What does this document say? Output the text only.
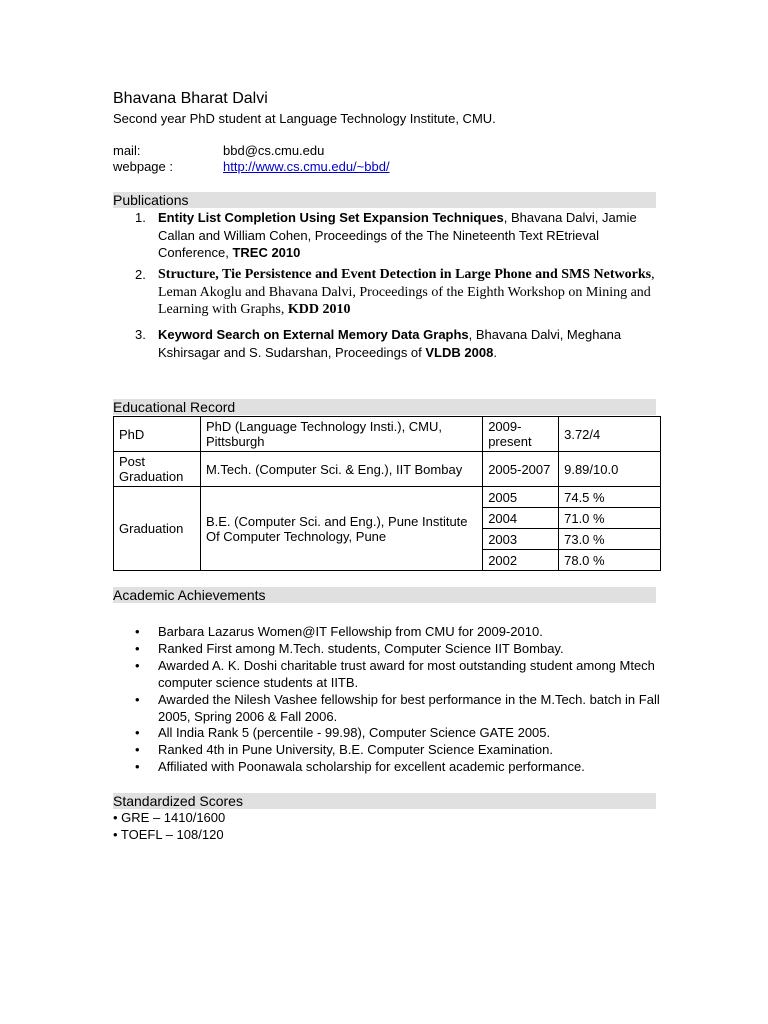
Bhavana Bharat Dalvi
Second year PhD student at Language Technology Institute, CMU.
mail:	bbd@cs.cmu.edu
webpage :	http://www.cs.cmu.edu/~bbd/
Publications
1. Entity List Completion Using Set Expansion Techniques, Bhavana Dalvi, Jamie Callan and William Cohen, Proceedings of the The Nineteenth Text REtrieval Conference, TREC 2010
2. Structure, Tie Persistence and Event Detection in Large Phone and SMS Networks, Leman Akoglu and Bhavana Dalvi, Proceedings of the Eighth Workshop on Mining and Learning with Graphs, KDD 2010
3. Keyword Search on External Memory Data Graphs, Bhavana Dalvi, Meghana Kshirsagar and S. Sudarshan, Proceedings of VLDB 2008.
Educational Record
PhD	PhD (Language Technology Insti.), CMU, Pittsburgh	2009-present	3.72/4
Post Graduation	M.Tech. (Computer Sci. & Eng.), IIT Bombay	2005-2007	9.89/10.0
Graduation	B.E. (Computer Sci. and Eng.), Pune Institute Of Computer Technology, Pune	2005	74.5 %
		2004	71.0 %
		2003	73.0 %
		2002	78.0 %
Academic Achievements
• Barbara Lazarus Women@IT Fellowship from CMU for 2009-2010.
• Ranked First among M.Tech. students, Computer Science IIT Bombay.
• Awarded A. K. Doshi charitable trust award for most outstanding student among Mtech computer science students at IITB.
• Awarded the Nilesh Vashee fellowship for best performance in the M.Tech. batch in Fall 2005, Spring 2006 & Fall 2006.
• All India Rank 5 (percentile - 99.98), Computer Science GATE 2005.
• Ranked 4th in Pune University, B.E. Computer Science Examination.
• Affiliated with Poonawala scholarship for excellent academic performance.
Standardized Scores
• GRE – 1410/1600
• TOEFL – 108/120
